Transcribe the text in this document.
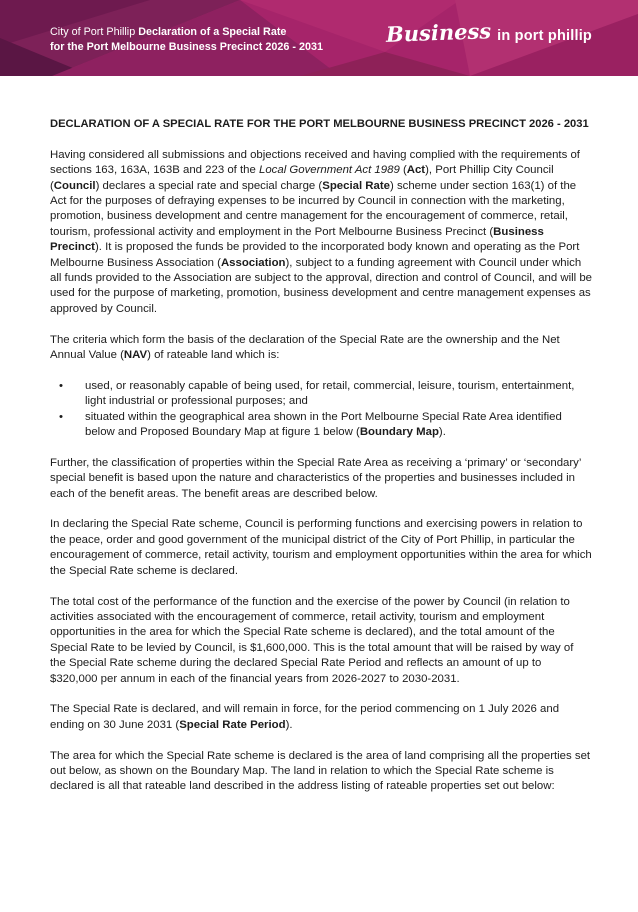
City of Port Phillip Declaration of a Special Rate
for the Port Melbourne Business Precinct 2026 - 2031
Business in port phillip
DECLARATION OF A SPECIAL RATE FOR THE PORT MELBOURNE BUSINESS PRECINCT 2026 - 2031

Having considered all submissions and objections received and having complied with the requirements of sections 163, 163A, 163B and 223 of the Local Government Act 1989 (Act), Port Phillip City Council (Council) declares a special rate and special charge (Special Rate) scheme under section 163(1) of the Act for the purposes of defraying expenses to be incurred by Council in connection with the marketing, promotion, business development and centre management for the encouragement of commerce, retail, tourism, professional activity and employment in the Port Melbourne Business Precinct (Business Precinct). It is proposed the funds be provided to the incorporated body known and operating as the Port Melbourne Business Association (Association), subject to a funding agreement with Council under which all funds provided to the Association are subject to the approval, direction and control of Council, and will be used for the purpose of marketing, promotion, business development and centre management expenses as approved by Council.

The criteria which form the basis of the declaration of the Special Rate are the ownership and the Net Annual Value (NAV) of rateable land which is:

• used, or reasonably capable of being used, for retail, commercial, leisure, tourism, entertainment, light industrial or professional purposes; and
• situated within the geographical area shown in the Port Melbourne Special Rate Area identified below and Proposed Boundary Map at figure 1 below (Boundary Map).

Further, the classification of properties within the Special Rate Area as receiving a ‘primary’ or ‘secondary’ special benefit is based upon the nature and characteristics of the properties and businesses included in each of the benefit areas. The benefit areas are described below.

In declaring the Special Rate scheme, Council is performing functions and exercising powers in relation to the peace, order and good government of the municipal district of the City of Port Phillip, in particular the encouragement of commerce, retail activity, tourism and employment opportunities within the area for which the Special Rate scheme is declared.

The total cost of the performance of the function and the exercise of the power by Council (in relation to activities associated with the encouragement of commerce, retail activity, tourism and employment opportunities in the area for which the Special Rate scheme is declared), and the total amount of the Special Rate to be levied by Council, is $1,600,000. This is the total amount that will be raised by way of the Special Rate scheme during the declared Special Rate Period and reflects an amount of up to $320,000 per annum in each of the financial years from 2026-2027 to 2030-2031.

The Special Rate is declared, and will remain in force, for the period commencing on 1 July 2026 and ending on 30 June 2031 (Special Rate Period).

The area for which the Special Rate scheme is declared is the area of land comprising all the properties set out below, as shown on the Boundary Map. The land in relation to which the Special Rate scheme is declared is all that rateable land described in the address listing of rateable properties set out below:
